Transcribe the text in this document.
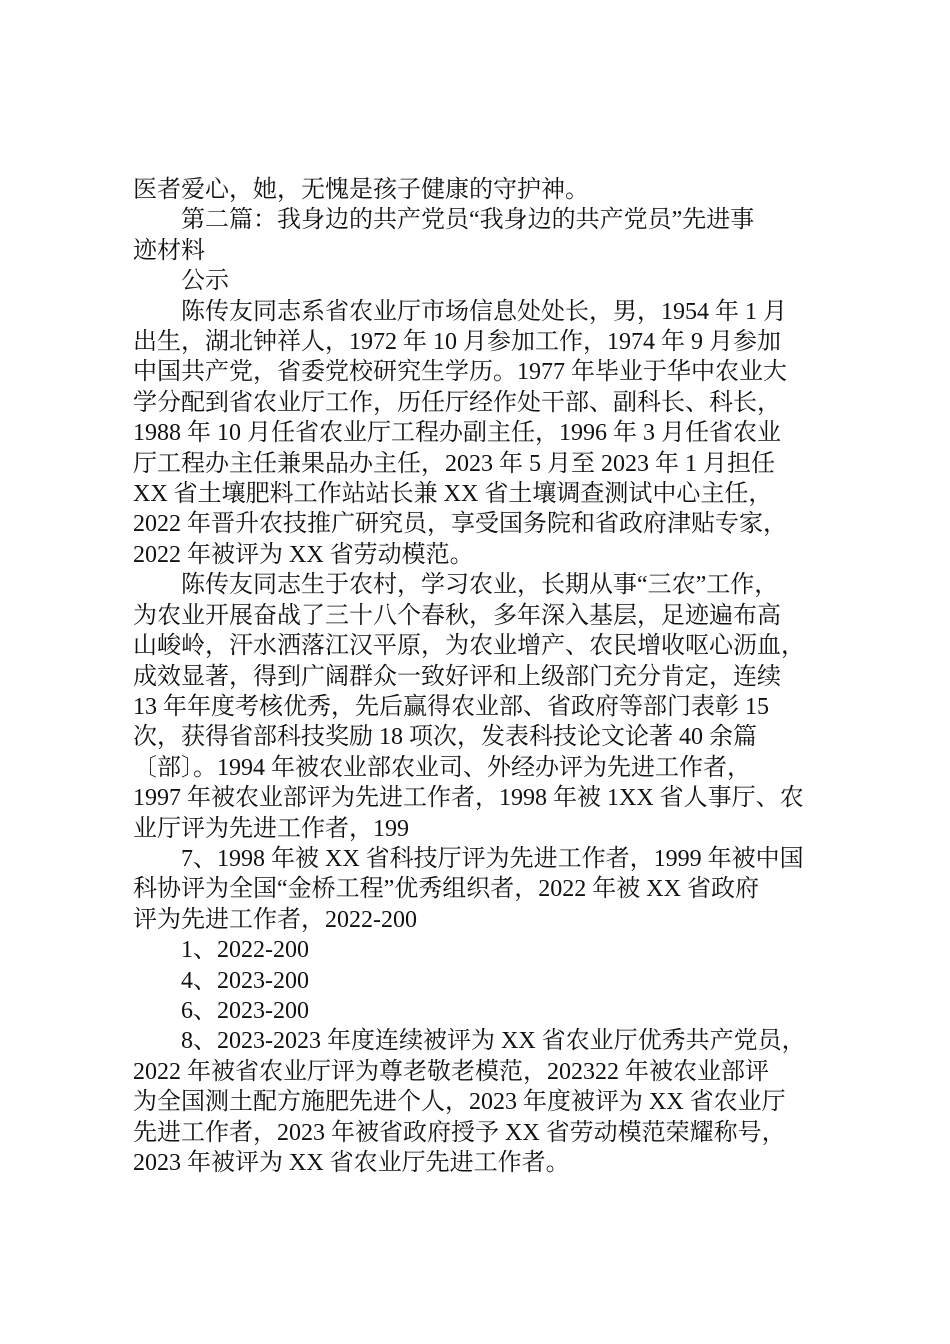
医者爱心，她，无愧是孩子健康的守护神。
第二篇：我身边的共产党员“我身边的共产党员”先进事
迹材料
公示
陈传友同志系省农业厅市场信息处处长，男，1954 年 1 月
出生，湖北钟祥人，1972 年 10 月参加工作，1974 年 9 月参加
中国共产党，省委党校研究生学历。1977 年毕业于华中农业大
学分配到省农业厅工作，历任厅经作处干部、副科长、科长，
1988 年 10 月任省农业厅工程办副主任，1996 年 3 月任省农业
厅工程办主任兼果品办主任，2023 年 5 月至 2023 年 1 月担任
XX 省土壤肥料工作站站长兼 XX 省土壤调查测试中心主任，
2022 年晋升农技推广研究员，享受国务院和省政府津贴专家，
2022 年被评为 XX 省劳动模范。
陈传友同志生于农村，学习农业，长期从事“三农”工作，
为农业开展奋战了三十八个春秋，多年深入基层，足迹遍布高
山峻岭，汗水洒落江汉平原，为农业增产、农民增收呕心沥血，
成效显著，得到广阔群众一致好评和上级部门充分肯定，连续
13 年年度考核优秀，先后赢得农业部、省政府等部门表彰 15
次，获得省部科技奖励 18 项次，发表科技论文论著 40 余篇
〔部〕。1994 年被农业部农业司、外经办评为先进工作者，
1997 年被农业部评为先进工作者，1998 年被 1XX 省人事厅、农
业厅评为先进工作者，199
7、1998 年被 XX 省科技厅评为先进工作者，1999 年被中国
科协评为全国“金桥工程”优秀组织者，2022 年被 XX 省政府
评为先进工作者，2022-200
1、2022-200
4、2023-200
6、2023-200
8、2023-2023 年度连续被评为 XX 省农业厅优秀共产党员，
2022 年被省农业厅评为尊老敬老模范，202322 年被农业部评
为全国测土配方施肥先进个人，2023 年度被评为 XX 省农业厅
先进工作者，2023 年被省政府授予 XX 省劳动模范荣耀称号，
2023 年被评为 XX 省农业厅先进工作者。
